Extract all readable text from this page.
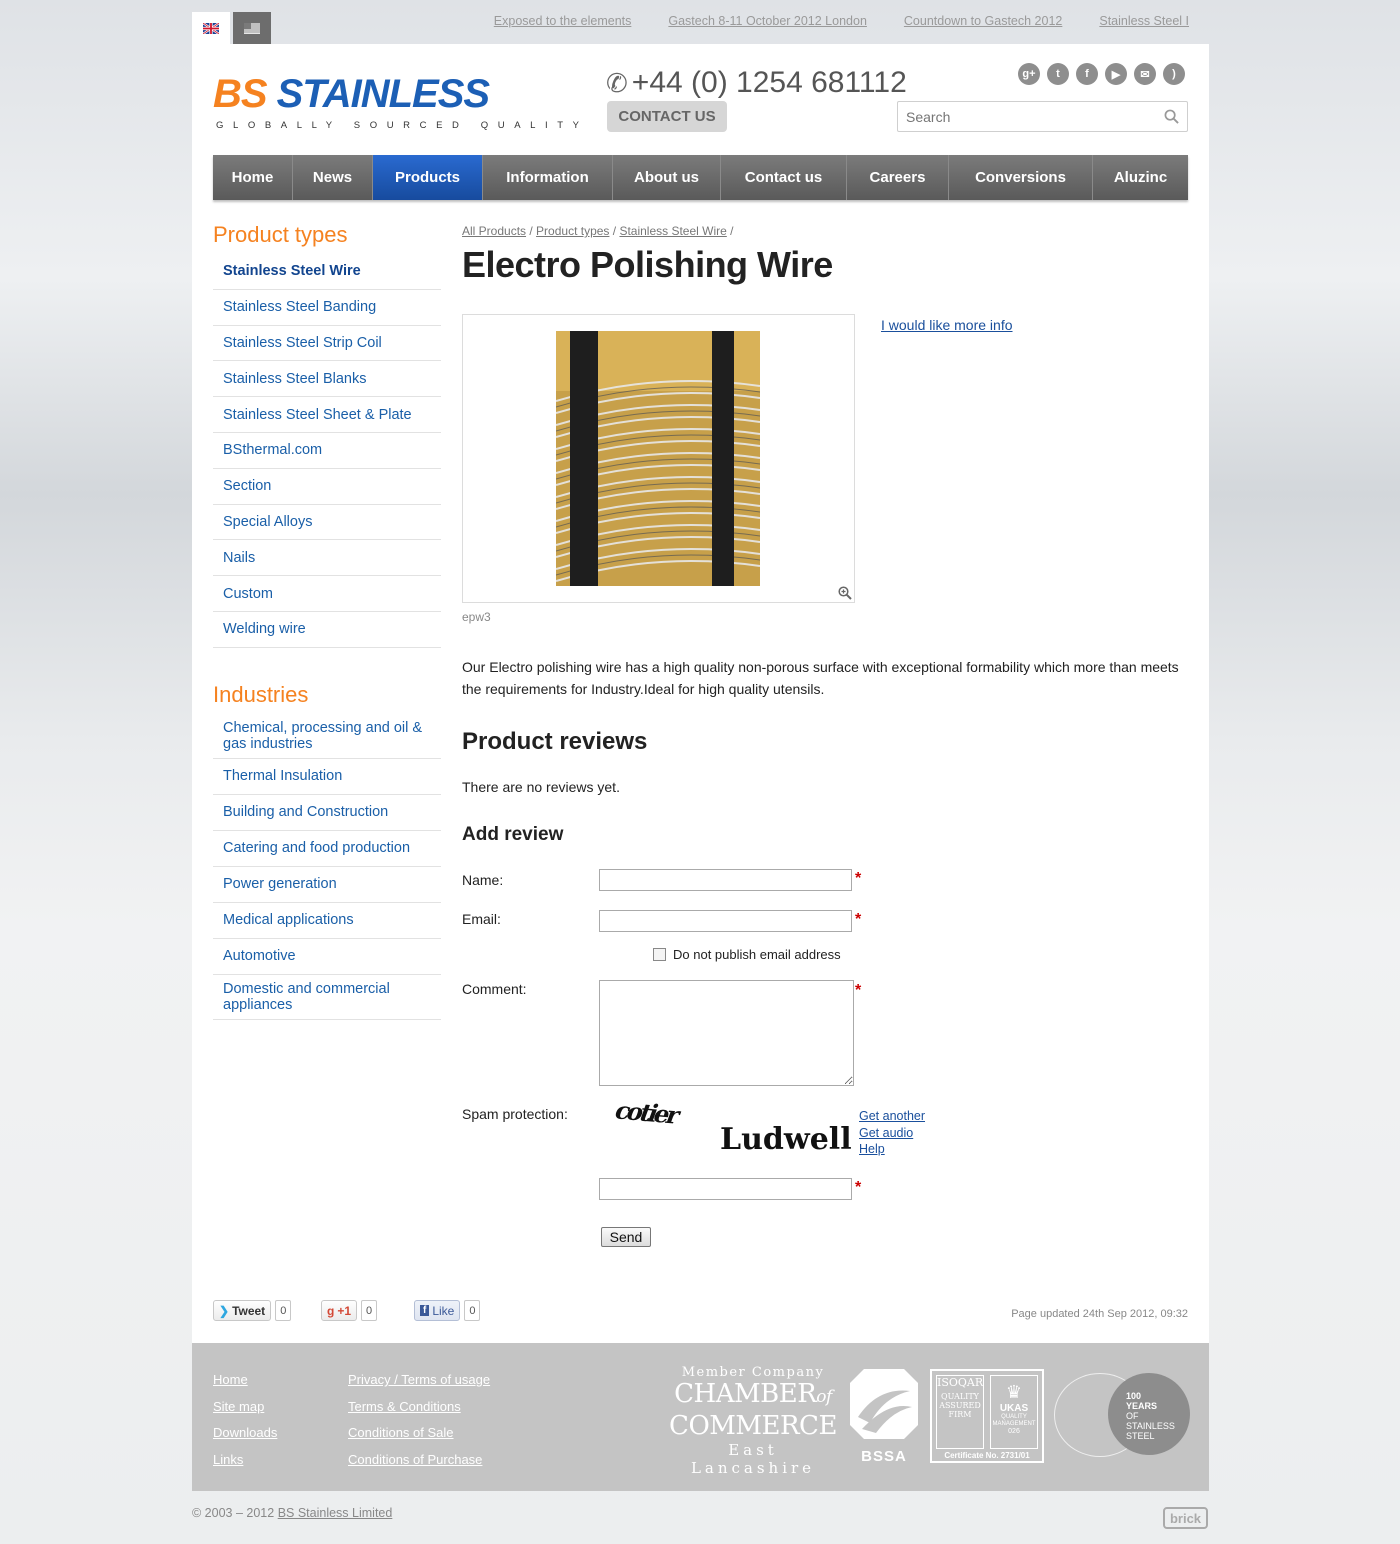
Exposed to the elements	Gastech 8-11 October 2012 London	Countdown to Gastech 2012	Stainless Steel I
BS STAINLESS
GLOBALLY SOURCED QUALITY
✆ +44 (0) 1254 681112
CONTACT US
g+	t	f	▶	✉	)
Search
Home	News	Products	Information	About us	Contact us	Careers	Conversions	Aluzinc
Product types
Stainless Steel Wire
Stainless Steel Banding
Stainless Steel Strip Coil
Stainless Steel Blanks
Stainless Steel Sheet & Plate
BSthermal.com
Section
Special Alloys
Nails
Custom
Welding wire
Industries
Chemical, processing and oil & gas industries
Thermal Insulation
Building and Construction
Catering and food production
Power generation
Medical applications
Automotive
Domestic and commercial appliances
All Products / Product types / Stainless Steel Wire /
Electro Polishing Wire
epw3
I would like more info
Our Electro polishing wire has a high quality non-porous surface with exceptional formability which more than meets the requirements for Industry.Ideal for high quality utensils.
Product reviews
There are no reviews yet.
Add review
Name:	*
Email:	*
Do not publish email address
Comment:	*
Spam protection: cotier
Ludwell
Get another
Get audio
Help
*
Send
❯ Tweet	0	g +1	0	f Like	0	Page updated 24th Sep 2012, 09:32
Home
Site map
Downloads
Links
Privacy / Terms of usage
Terms & Conditions
Conditions of Sale
Conditions of Purchase
Member Company
CHAMBERof
COMMERCE
East Lancashire
BSSA
ISOQAR
QUALITY ASSURED FIRM
♛
UKAS
QUALITY MANAGEMENT
026
Certificate No. 2731/01
100
YEARS
OF
STAINLESS
STEEL
© 2003 – 2012 BS Stainless Limited	brick
